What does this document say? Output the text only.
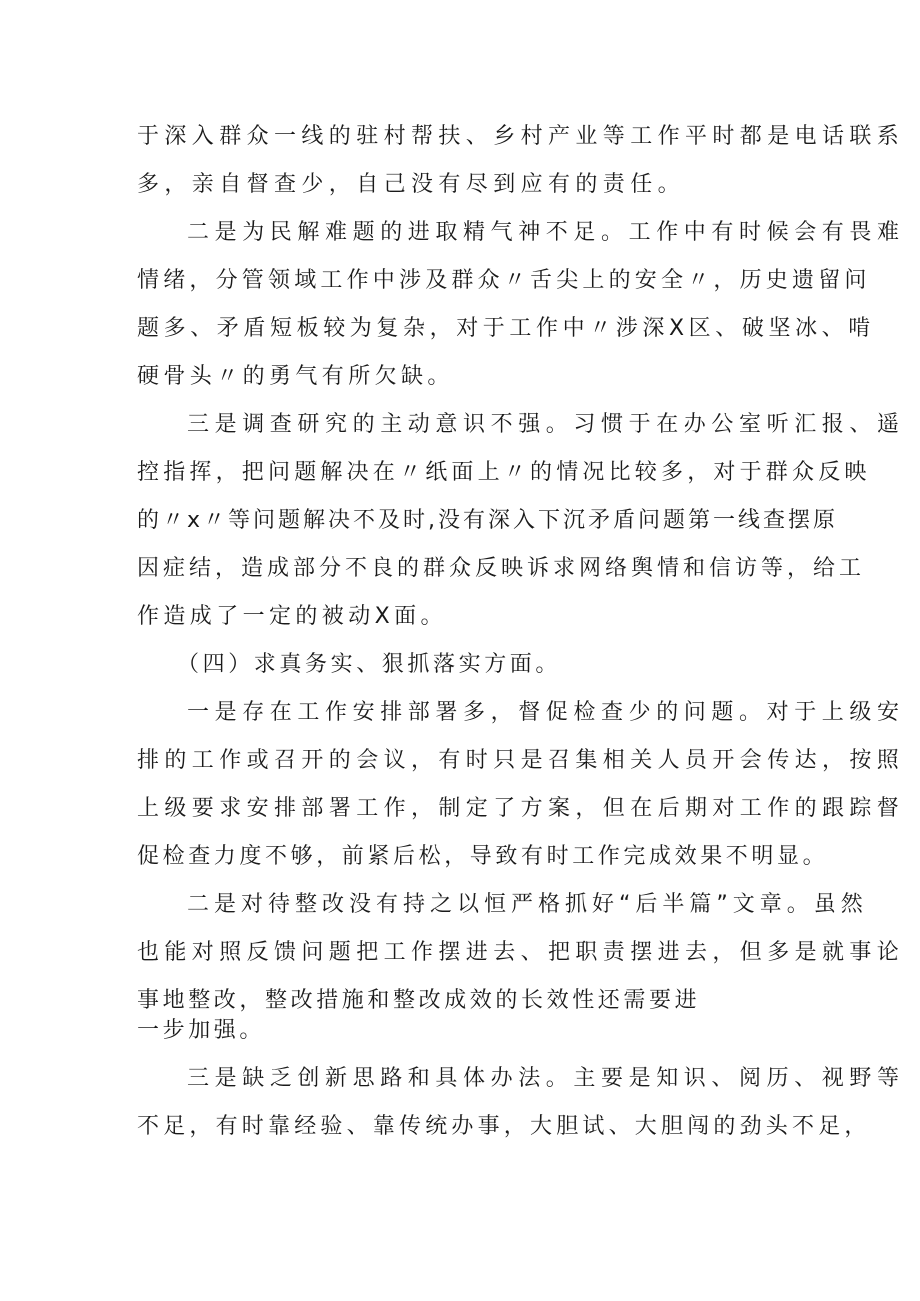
于深入群众一线的驻村帮扶、乡村产业等工作平时都是电话联系
多，亲自督查少，自己没有尽到应有的责任。
二是为民解难题的进取精气神不足。工作中有时候会有畏难
情绪，分管领域工作中涉及群众〃舌尖上的安全〃，历史遗留问
题多、矛盾短板较为复杂，对于工作中〃涉深X区、破坚冰、啃
硬骨头〃的勇气有所欠缺。
三是调查研究的主动意识不强。习惯于在办公室听汇报、遥
控指挥，把问题解决在〃纸面上〃的情况比较多，对于群众反映
的〃x〃等问题解决不及时,没有深入下沉矛盾问题第一线查摆原
因症结，造成部分不良的群众反映诉求网络舆情和信访等，给工
作造成了一定的被动X面。
（四）求真务实、狠抓落实方面。
一是存在工作安排部署多，督促检查少的问题。对于上级安
排的工作或召开的会议，有时只是召集相关人员开会传达，按照
上级要求安排部署工作，制定了方案，但在后期对工作的跟踪督
促检查力度不够，前紧后松，导致有时工作完成效果不明显。
二是对待整改没有持之以恒严格抓好“后半篇”文章。虽然
也能对照反馈问题把工作摆进去、把职责摆进去，但多是就事论
事地整改，整改措施和整改成效的长效性还需要进
一步加强。
三是缺乏创新思路和具体办法。主要是知识、阅历、视野等
不足，有时靠经验、靠传统办事，大胆试、大胆闯的劲头不足，
